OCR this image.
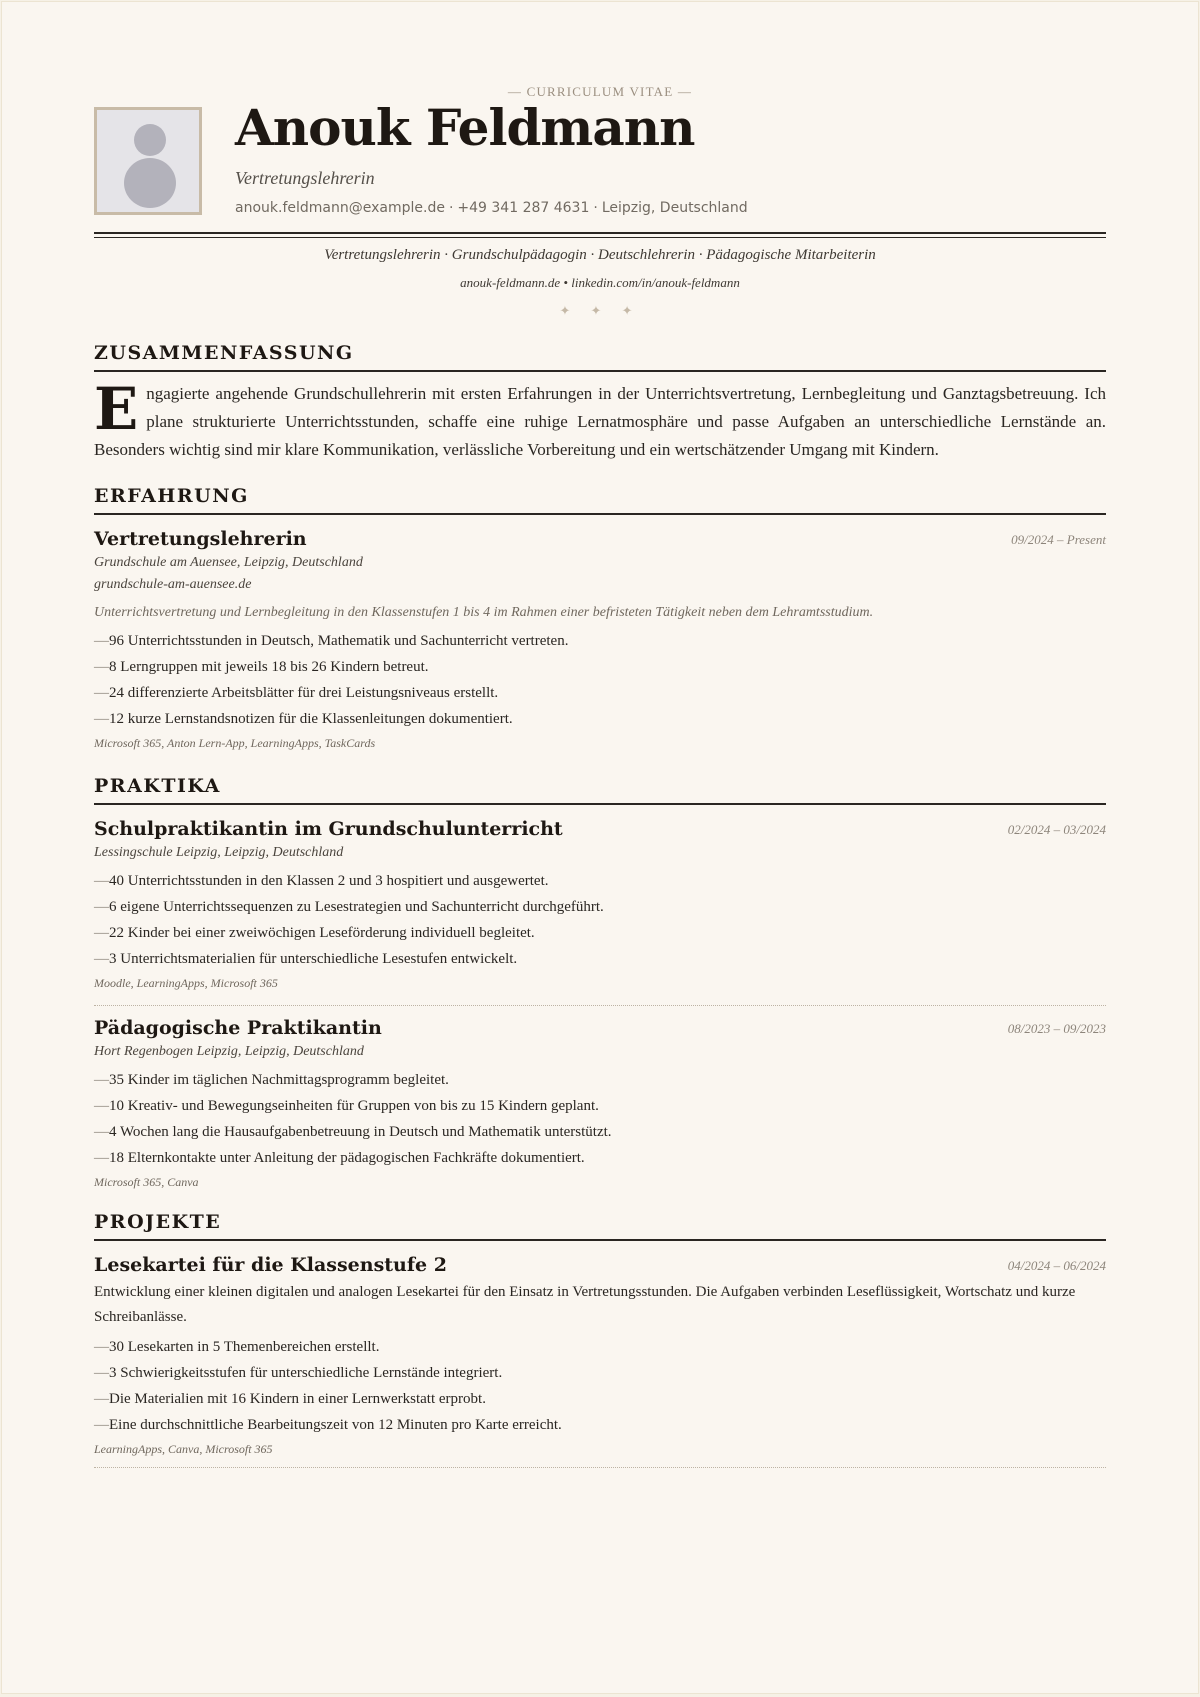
— CURRICULUM VITAE —
Anouk Feldmann
Vertretungslehrerin
anouk.feldmann@example.de · +49 341 287 4631 · Leipzig, Deutschland
Vertretungslehrerin · Grundschulpädagogin · Deutschlehrerin · Pädagogische Mitarbeiterin
anouk-feldmann.de • linkedin.com/in/anouk-feldmann
✦ ✦ ✦
ZUSAMMENFASSUNG
Engagierte angehende Grundschullehrerin mit ersten Erfahrungen in der Unterrichtsvertretung, Lernbegleitung und Ganztagsbetreuung. Ich plane strukturierte Unterrichtsstunden, schaffe eine ruhige Lernatmosphäre und passe Aufgaben an unterschiedliche Lernstände an. Besonders wichtig sind mir klare Kommunikation, verlässliche Vorbereitung und ein wertschätzender Umgang mit Kindern.
ERFAHRUNG
Vertretungslehrerin	09/2024 – Present
Grundschule am Auensee, Leipzig, Deutschland
grundschule-am-auensee.de
Unterrichtsvertretung und Lernbegleitung in den Klassenstufen 1 bis 4 im Rahmen einer befristeten Tätigkeit neben dem Lehramtsstudium.
—96 Unterrichtsstunden in Deutsch, Mathematik und Sachunterricht vertreten.
—8 Lerngruppen mit jeweils 18 bis 26 Kindern betreut.
—24 differenzierte Arbeitsblätter für drei Leistungsniveaus erstellt.
—12 kurze Lernstandsnotizen für die Klassenleitungen dokumentiert.
Microsoft 365, Anton Lern-App, LearningApps, TaskCards
PRAKTIKA
Schulpraktikantin im Grundschulunterricht	02/2024 – 03/2024
Lessingschule Leipzig, Leipzig, Deutschland
—40 Unterrichtsstunden in den Klassen 2 und 3 hospitiert und ausgewertet.
—6 eigene Unterrichtssequenzen zu Lesestrategien und Sachunterricht durchgeführt.
—22 Kinder bei einer zweiwöchigen Leseförderung individuell begleitet.
—3 Unterrichtsmaterialien für unterschiedliche Lesestufen entwickelt.
Moodle, LearningApps, Microsoft 365
Pädagogische Praktikantin	08/2023 – 09/2023
Hort Regenbogen Leipzig, Leipzig, Deutschland
—35 Kinder im täglichen Nachmittagsprogramm begleitet.
—10 Kreativ- und Bewegungseinheiten für Gruppen von bis zu 15 Kindern geplant.
—4 Wochen lang die Hausaufgabenbetreuung in Deutsch und Mathematik unterstützt.
—18 Elternkontakte unter Anleitung der pädagogischen Fachkräfte dokumentiert.
Microsoft 365, Canva
PROJEKTE
Lesekartei für die Klassenstufe 2	04/2024 – 06/2024
Entwicklung einer kleinen digitalen und analogen Lesekartei für den Einsatz in Vertretungsstunden. Die Aufgaben verbinden Leseflüssigkeit, Wortschatz und kurze Schreibanlässe.
—30 Lesekarten in 5 Themenbereichen erstellt.
—3 Schwierigkeitsstufen für unterschiedliche Lernstände integriert.
—Die Materialien mit 16 Kindern in einer Lernwerkstatt erprobt.
—Eine durchschnittliche Bearbeitungszeit von 12 Minuten pro Karte erreicht.
LearningApps, Canva, Microsoft 365
